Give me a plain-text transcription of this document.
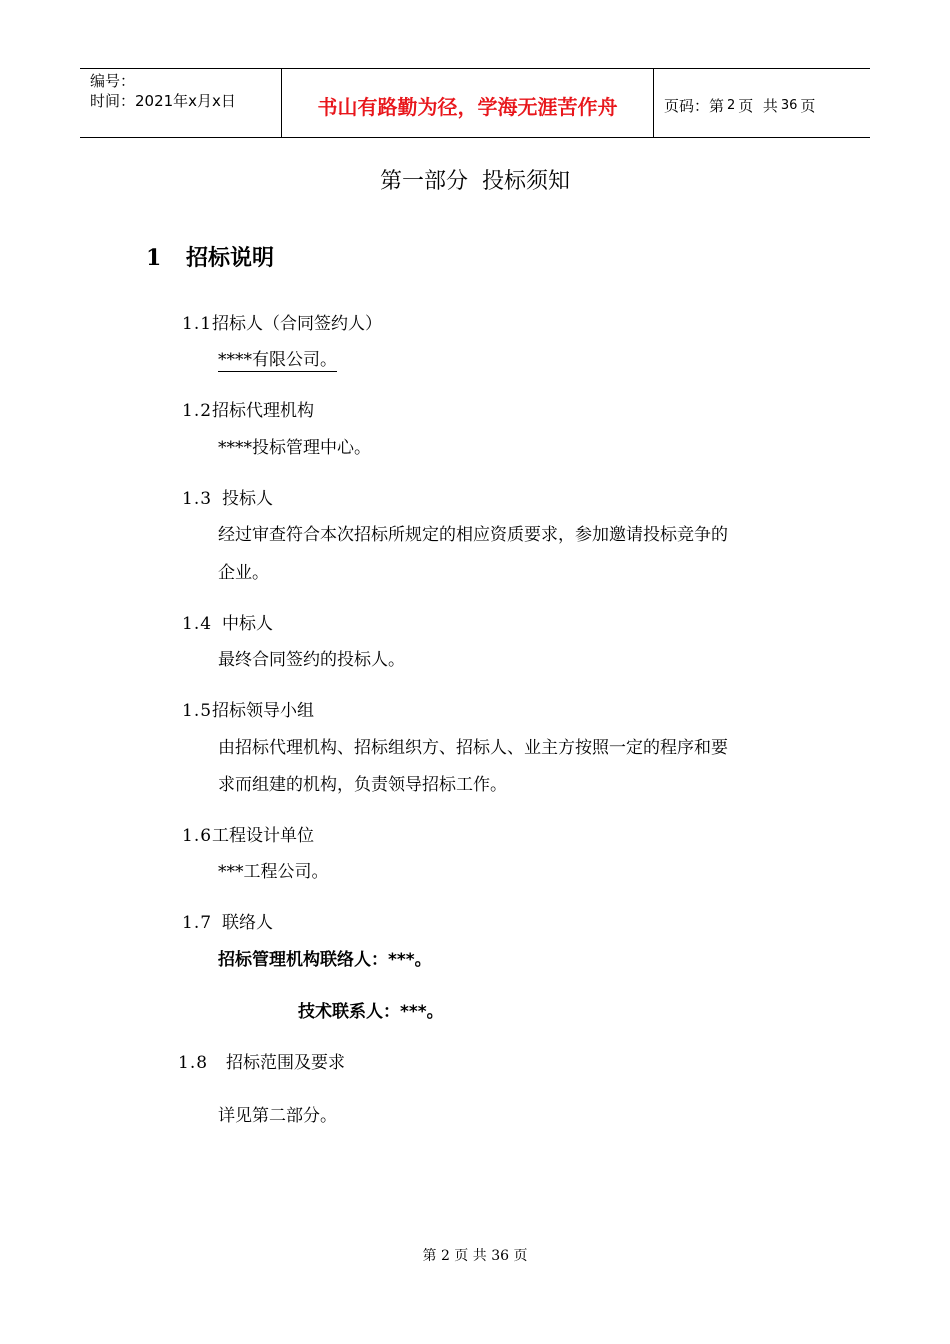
编号：
时间：2021年x月x日	书山有路勤为径，学海无涯苦作舟	页码：第 2 页  共 36 页
第一部分  投标须知
1 招标说明
1.1招标人（合同签约人）
****有限公司。
1.2招标代理机构
****投标管理中心。
1.3 投标人
经过审查符合本次招标所规定的相应资质要求，参加邀请投标竞争的
企业。
1.4 中标人
最终合同签约的投标人。
1.5招标领导小组
由招标代理机构、招标组织方、招标人、业主方按照一定的程序和要
求而组建的机构，负责领导招标工作。
1.6工程设计单位
***工程公司。
1.7 联络人
招标管理机构联络人：***。
技术联系人：***。
1.8 招标范围及要求
详见第二部分。
第 2 页 共 36 页
